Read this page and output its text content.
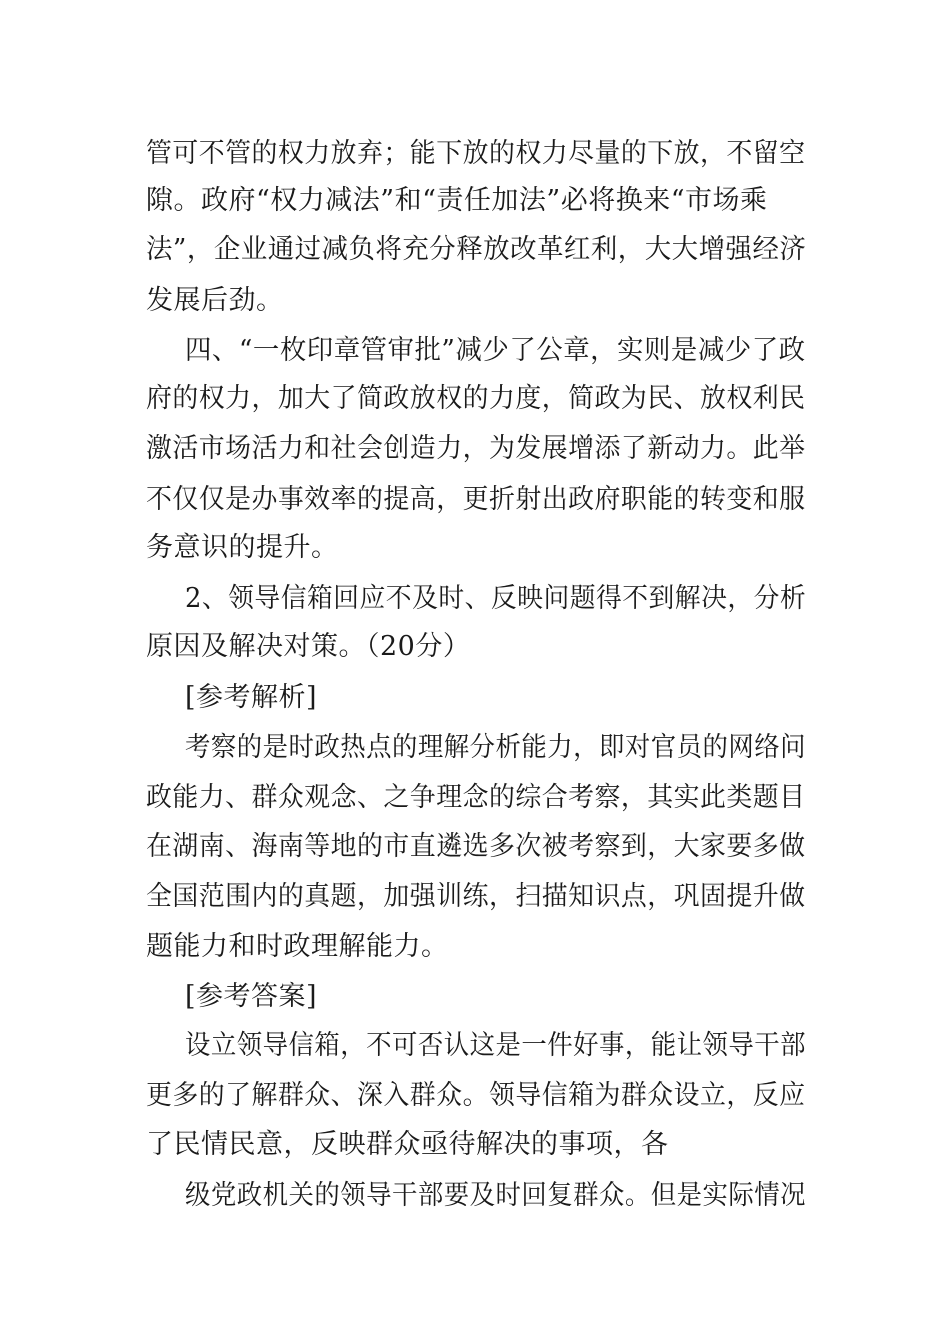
管可不管的权力放弃；能下放的权力尽量的下放，不留空
隙。政府“权力减法”和“责任加法”必将换来“市场乘
法”，企业通过减负将充分释放改革红利，大大增强经济
发展后劲。
四、“一枚印章管审批”减少了公章，实则是减少了政
府的权力，加大了简政放权的力度，简政为民、放权利民
激活市场活力和社会创造力，为发展增添了新动力。此举
不仅仅是办事效率的提高，更折射出政府职能的转变和服
务意识的提升。
2、领导信箱回应不及时、反映问题得不到解决，分析
原因及解决对策。（20分）
[参考解析]
考察的是时政热点的理解分析能力，即对官员的网络问
政能力、群众观念、之争理念的综合考察，其实此类题目
在湖南、海南等地的市直遴选多次被考察到，大家要多做
全国范围内的真题，加强训练，扫描知识点，巩固提升做
题能力和时政理解能力。
[参考答案]
设立领导信箱，不可否认这是一件好事，能让领导干部
更多的了解群众、深入群众。领导信箱为群众设立，反应
了民情民意，反映群众亟待解决的事项，各
级党政机关的领导干部要及时回复群众。但是实际情况
